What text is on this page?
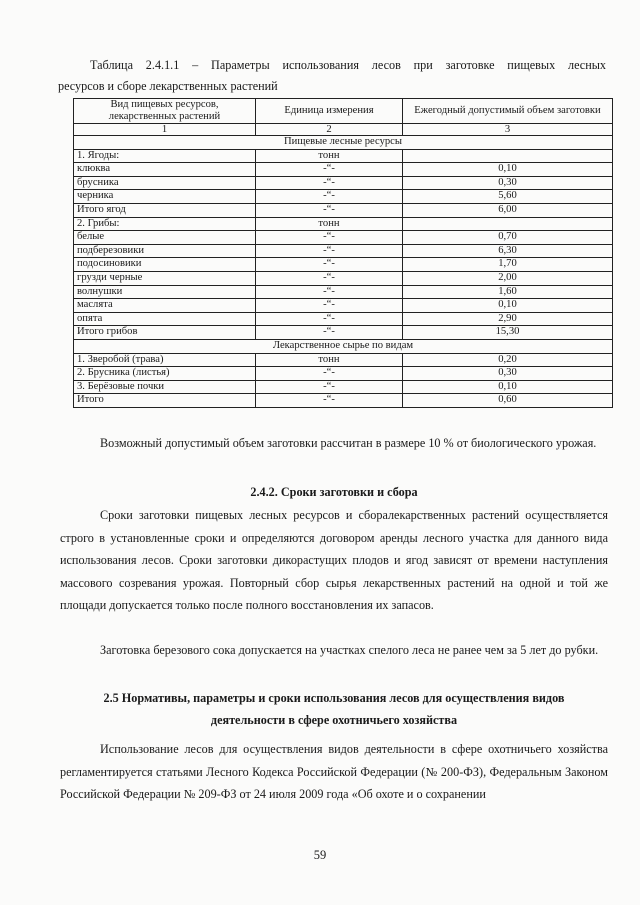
Таблица 2.4.1.1 – Параметры использования лесов при заготовке пищевых лесных
ресурсов и сборе лекарственных растений
Вид пищевых ресурсов, лекарственных растений	Единица измерения	Ежегодный допустимый объем заготовки
1	2	3
Пищевые лесные ресурсы		
1. Ягоды:	тонн	
клюква	-“-	0,10
брусника	-“-	0,30
черника	-“-	5,60
Итого ягод	-“-	6,00
2. Грибы:	тонн	
белые	-“-	0,70
подберезовики	-“-	6,30
подосиновики	-“-	1,70
грузди черные	-“-	2,00
волнушки	-“-	1,60
маслята	-“-	0,10
опята	-“-	2,90
Итого грибов	-“-	15,30
Лекарственное сырье по видам		
1. Зверобой (трава)	тонн	0,20
2. Брусника (листья)	-“-	0,30
3. Берёзовые почки	-“-	0,10
Итого	-“-	0,60
Возможный допустимый объем заготовки рассчитан в размере 10 % от биологического урожая.
2.4.2. Сроки заготовки и сбора
Сроки заготовки пищевых лесных ресурсов и сборалекарственных растений осуществляется строго в установленные сроки и определяются договором аренды лесного участка для данного вида использования лесов. Сроки заготовки дикорастущих плодов и ягод зависят от времени наступления массового созревания урожая. Повторный сбор сырья лекарственных растений на одной и той же площади допускается только после полного восстановления их запасов.
Заготовка березового сока допускается на участках спелого леса не ранее чем за 5 лет до рубки.
2.5 Нормативы, параметры и сроки использования лесов для осуществления видов
деятельности в сфере охотничьего хозяйства
Использование лесов для осуществления видов деятельности в сфере охотничьего хозяйства регламентируется статьями Лесного Кодекса Российской Федерации (№ 200-ФЗ), Федеральным Законом Российской Федерации № 209-ФЗ от 24 июля 2009 года «Об охоте и о сохранении
59
